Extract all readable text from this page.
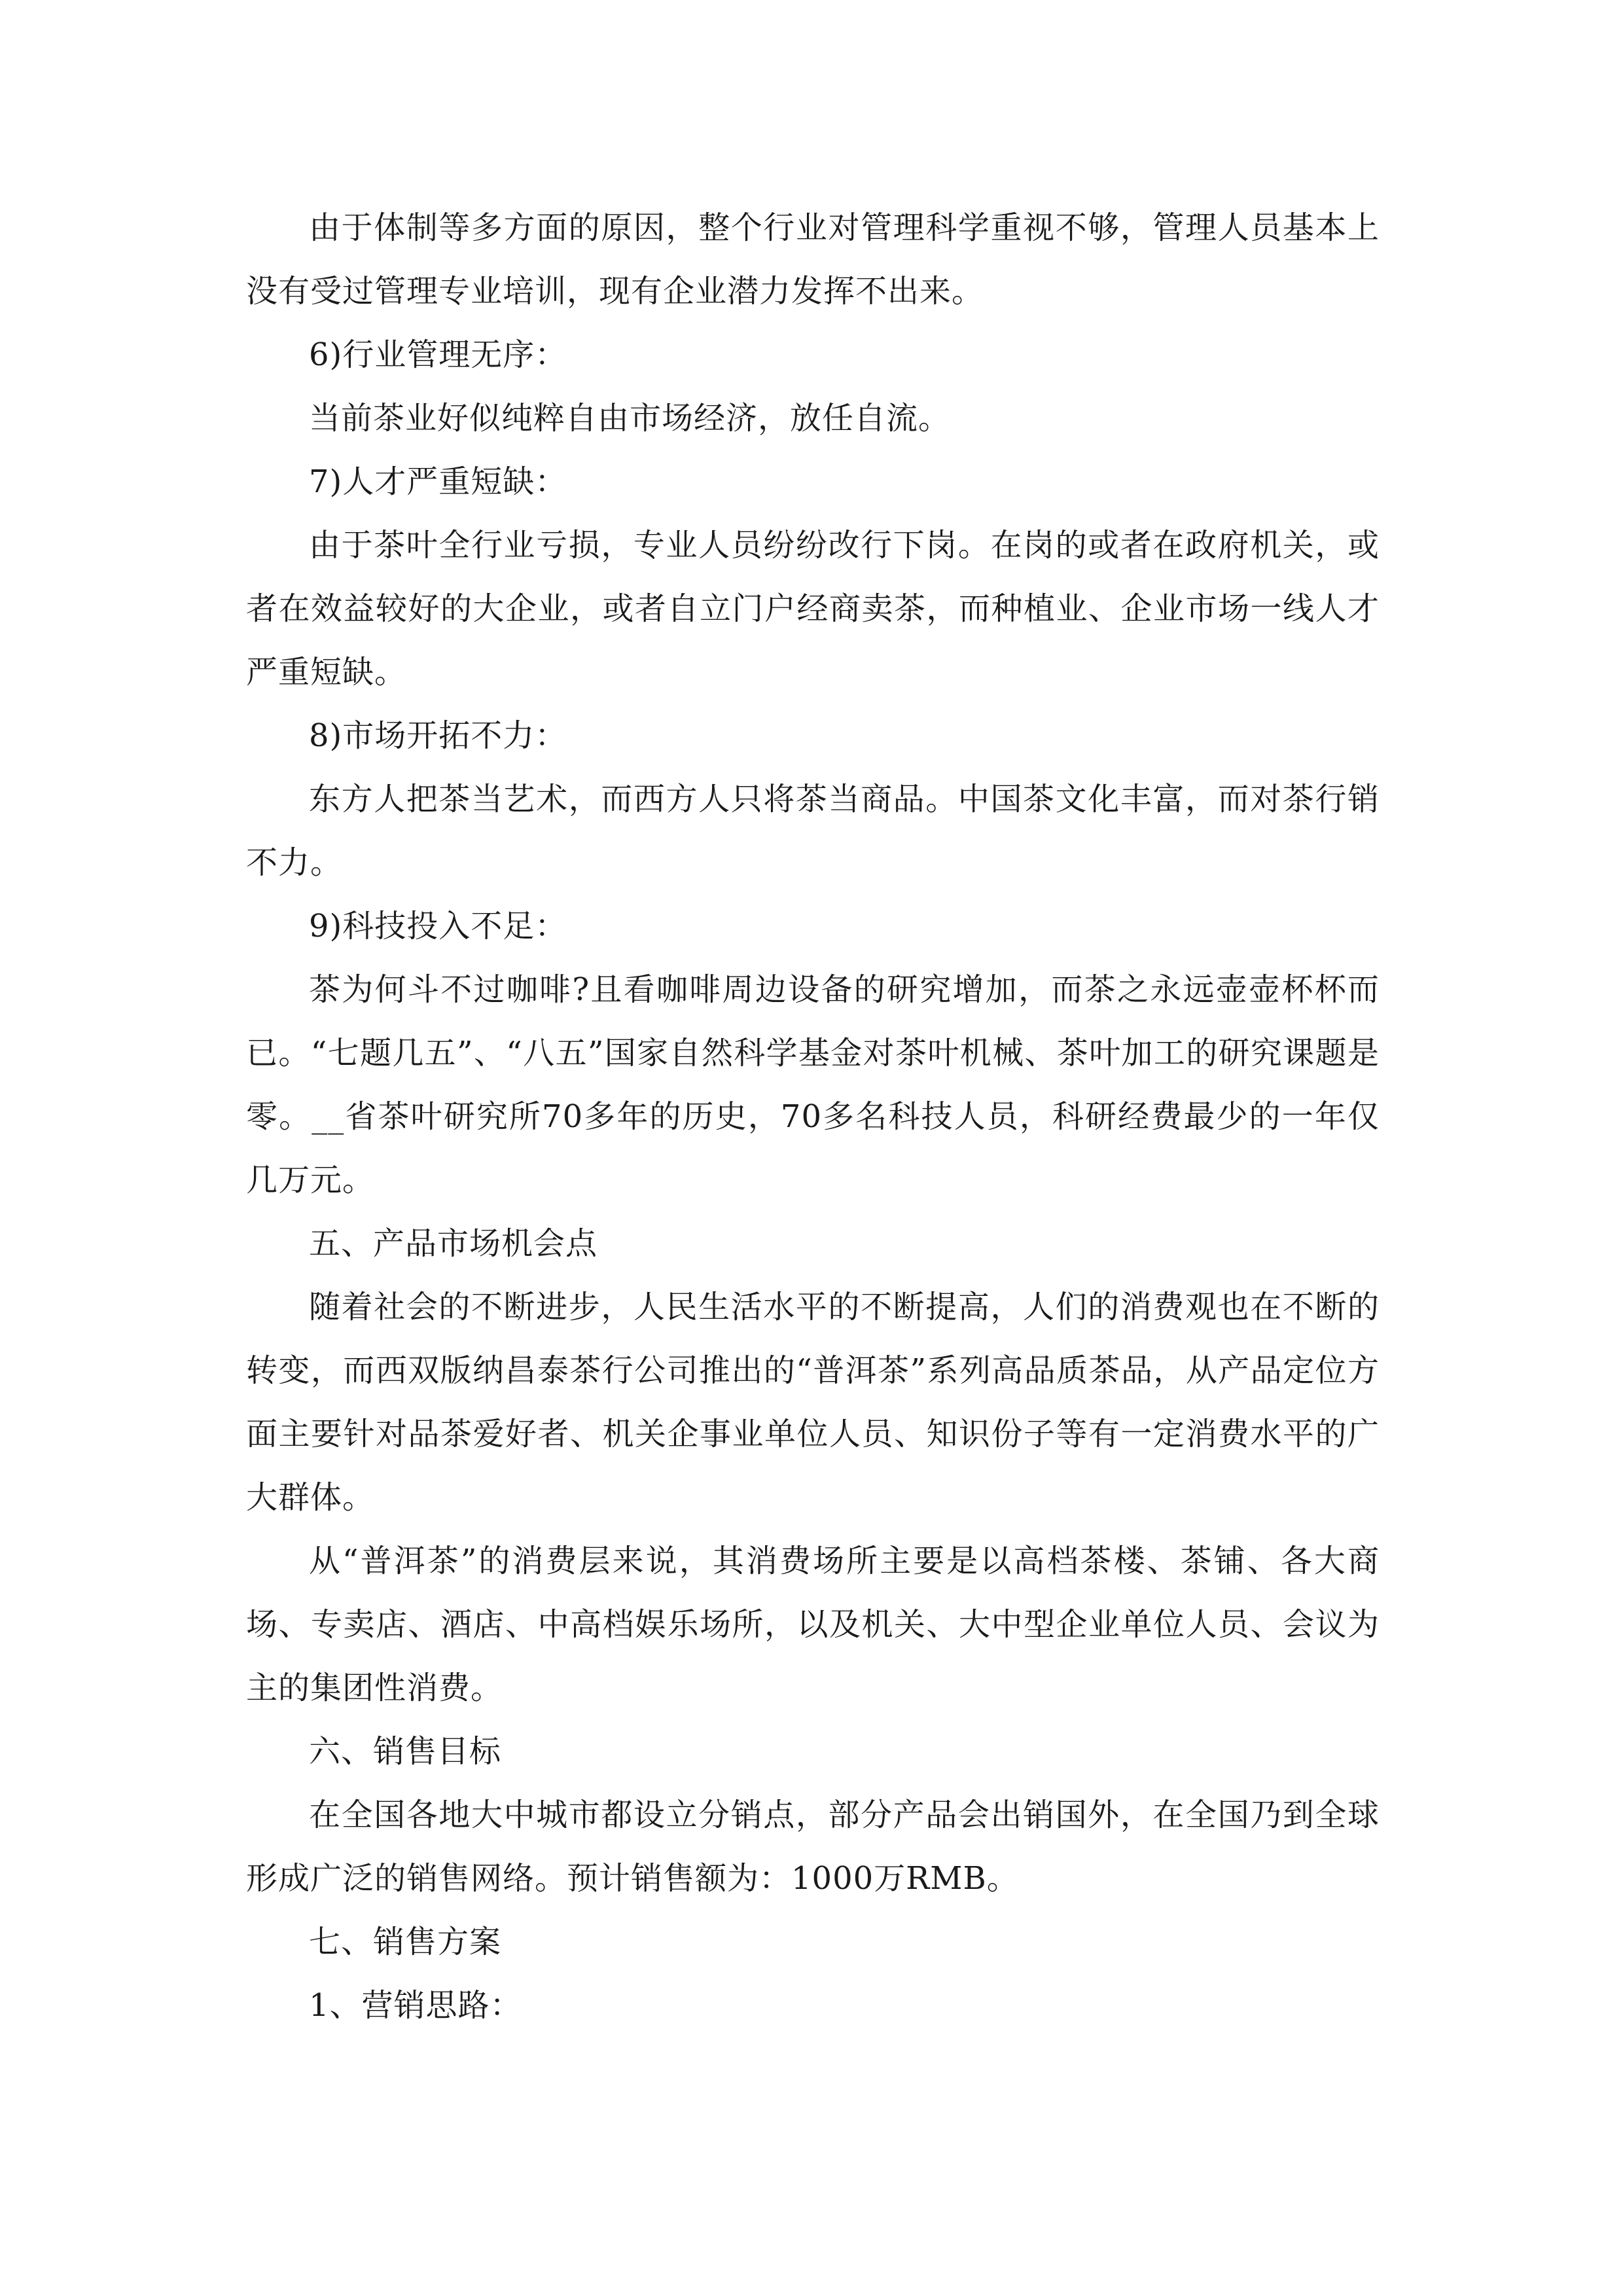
由于体制等多方面的原因，整个行业对管理科学重视不够，管理人员基本上没有受过管理专业培训，现有企业潜力发挥不出来。

6)行业管理无序：

当前茶业好似纯粹自由市场经济，放任自流。

7)人才严重短缺：

由于茶叶全行业亏损，专业人员纷纷改行下岗。在岗的或者在政府机关，或者在效益较好的大企业，或者自立门户经商卖茶，而种植业、企业市场一线人才严重短缺。

8)市场开拓不力：

东方人把茶当艺术，而西方人只将茶当商品。中国茶文化丰富，而对茶行销不力。

9)科技投入不足：

茶为何斗不过咖啡?且看咖啡周边设备的研究增加，而茶之永远壶壶杯杯而已。“七题几五”、“八五”国家自然科学基金对茶叶机械、茶叶加工的研究课题是零。__省茶叶研究所70多年的历史，70多名科技人员，科研经费最少的一年仅几万元。

五、产品市场机会点

随着社会的不断进步，人民生活水平的不断提高，人们的消费观也在不断的转变，而西双版纳昌泰茶行公司推出的“普洱茶”系列高品质茶品，从产品定位方面主要针对品茶爱好者、机关企事业单位人员、知识份子等有一定消费水平的广大群体。

从“普洱茶”的消费层来说，其消费场所主要是以高档茶楼、茶铺、各大商场、专卖店、酒店、中高档娱乐场所，以及机关、大中型企业单位人员、会议为主的集团性消费。

六、销售目标

在全国各地大中城市都设立分销点，部分产品会出销国外，在全国乃到全球形成广泛的销售网络。预计销售额为：1000万RMB。

七、销售方案

1、营销思路：
